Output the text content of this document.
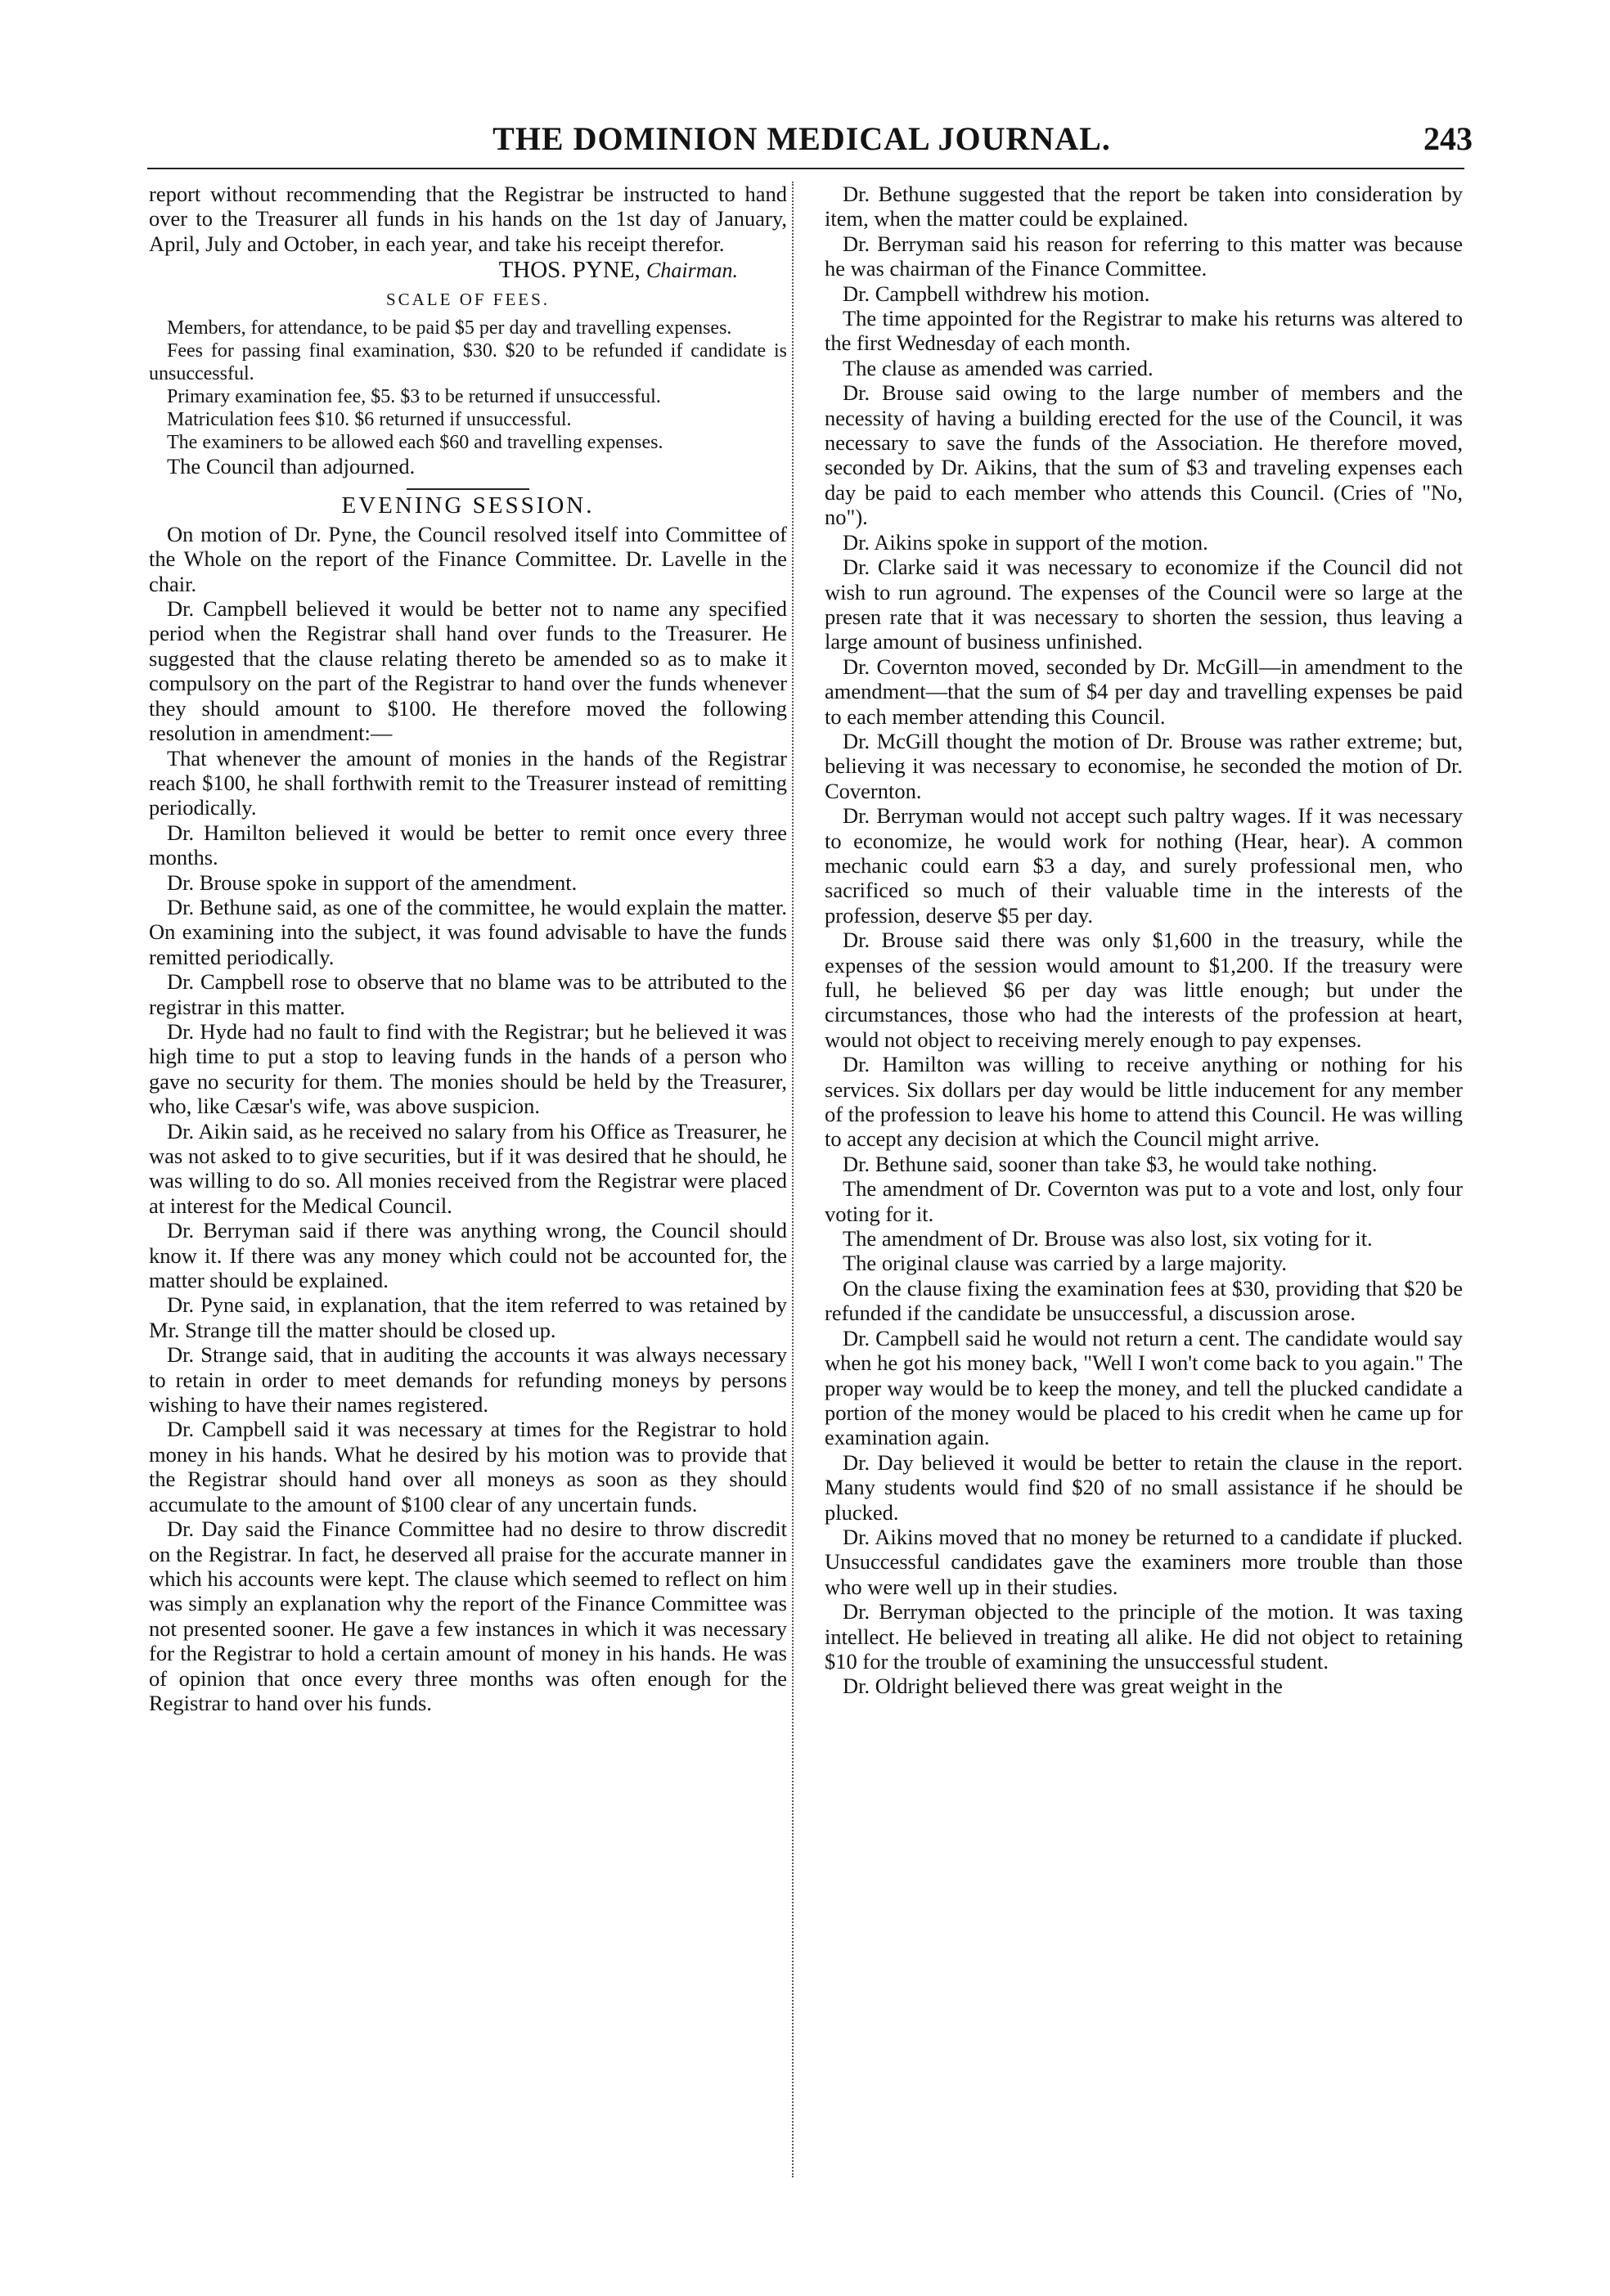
THE DOMINION MEDICAL JOURNAL.	243

report without recommending that the Registrar be instructed to hand over to the Treasurer all funds in his hands on the 1st day of January, April, July and October, in each year, and take his receipt therefor.

THOS. PYNE, Chairman.
SCALE OF FEES.

Members, for attendance, to be paid $5 per day and travelling expenses.

Fees for passing final examination, $30. $20 to be refunded if candidate is unsuccessful.

Primary examination fee, $5. $3 to be returned if unsuccessful.

Matriculation fees $10. $6 returned if unsuccessful.

The examiners to be allowed each $60 and travelling expenses.

The Council than adjourned.

EVENING SESSION.

On motion of Dr. Pyne, the Council resolved itself into Committee of the Whole on the report of the Finance Committee. Dr. Lavelle in the chair.

Dr. Campbell believed it would be better not to name any specified period when the Registrar shall hand over funds to the Treasurer. He suggested that the clause relating thereto be amended so as to make it compulsory on the part of the Registrar to hand over the funds whenever they should amount to $100. He therefore moved the following resolution in amendment:—

That whenever the amount of monies in the hands of the Registrar reach $100, he shall forthwith remit to the Treasurer instead of remitting periodically.

Dr. Hamilton believed it would be better to remit once every three months.

Dr. Brouse spoke in support of the amendment.

Dr. Bethune said, as one of the committee, he would explain the matter. On examining into the subject, it was found advisable to have the funds remitted periodically.

Dr. Campbell rose to observe that no blame was to be attributed to the registrar in this matter.

Dr. Hyde had no fault to find with the Registrar; but he believed it was high time to put a stop to leaving funds in the hands of a person who gave no security for them. The monies should be held by the Treasurer, who, like Cæsar's wife, was above suspicion.

Dr. Aikin said, as he received no salary from his Office as Treasurer, he was not asked to to give securities, but if it was desired that he should, he was willing to do so. All monies received from the Registrar were placed at interest for the Medical Council.

Dr. Berryman said if there was anything wrong, the Council should know it. If there was any money which could not be accounted for, the matter should be explained.

Dr. Pyne said, in explanation, that the item referred to was retained by Mr. Strange till the matter should be closed up.

Dr. Strange said, that in auditing the accounts it was always necessary to retain in order to meet demands for refunding moneys by persons wishing to have their names registered.

Dr. Campbell said it was necessary at times for the Registrar to hold money in his hands. What he desired by his motion was to provide that the Registrar should hand over all moneys as soon as they should accumulate to the amount of $100 clear of any uncertain funds.

Dr. Day said the Finance Committee had no desire to throw discredit on the Registrar. In fact, he deserved all praise for the accurate manner in which his accounts were kept. The clause which seemed to reflect on him was simply an explanation why the report of the Finance Committee was not presented sooner. He gave a few instances in which it was necessary for the Registrar to hold a certain amount of money in his hands. He was of opinion that once every three months was often enough for the Registrar to hand over his funds.

Dr. Bethune suggested that the report be taken into consideration by item, when the matter could be explained.

Dr. Berryman said his reason for referring to this matter was because he was chairman of the Finance Committee.

Dr. Campbell withdrew his motion.

The time appointed for the Registrar to make his returns was altered to the first Wednesday of each month.

The clause as amended was carried.

Dr. Brouse said owing to the large number of members and the necessity of having a building erected for the use of the Council, it was necessary to save the funds of the Association. He therefore moved, seconded by Dr. Aikins, that the sum of $3 and traveling expenses each day be paid to each member who attends this Council. (Cries of "No, no").

Dr. Aikins spoke in support of the motion.

Dr. Clarke said it was necessary to economize if the Council did not wish to run aground. The expenses of the Council were so large at the presen rate that it was necessary to shorten the session, thus leaving a large amount of business unfinished.

Dr. Covernton moved, seconded by Dr. McGill—in amendment to the amendment—that the sum of $4 per day and travelling expenses be paid to each member attending this Council.

Dr. McGill thought the motion of Dr. Brouse was rather extreme; but, believing it was necessary to economise, he seconded the motion of Dr. Covernton.

Dr. Berryman would not accept such paltry wages. If it was necessary to economize, he would work for nothing (Hear, hear). A common mechanic could earn $3 a day, and surely professional men, who sacrificed so much of their valuable time in the interests of the profession, deserve $5 per day.

Dr. Brouse said there was only $1,600 in the treasury, while the expenses of the session would amount to $1,200. If the treasury were full, he believed $6 per day was little enough; but under the circumstances, those who had the interests of the profession at heart, would not object to receiving merely enough to pay expenses.

Dr. Hamilton was willing to receive anything or nothing for his services. Six dollars per day would be little inducement for any member of the profession to leave his home to attend this Council. He was willing to accept any decision at which the Council might arrive.

Dr. Bethune said, sooner than take $3, he would take nothing.

The amendment of Dr. Covernton was put to a vote and lost, only four voting for it.

The amendment of Dr. Brouse was also lost, six voting for it.

The original clause was carried by a large majority.

On the clause fixing the examination fees at $30, providing that $20 be refunded if the candidate be unsuccessful, a discussion arose.

Dr. Campbell said he would not return a cent. The candidate would say when he got his money back, "Well I won't come back to you again." The proper way would be to keep the money, and tell the plucked candidate a portion of the money would be placed to his credit when he came up for examination again.

Dr. Day believed it would be better to retain the clause in the report. Many students would find $20 of no small assistance if he should be plucked.

Dr. Aikins moved that no money be returned to a candidate if plucked. Unsuccessful candidates gave the examiners more trouble than those who were well up in their studies.

Dr. Berryman objected to the principle of the motion. It was taxing intellect. He believed in treating all alike. He did not object to retaining $10 for the trouble of examining the unsuccessful student.

Dr. Oldright believed there was great weight in the
